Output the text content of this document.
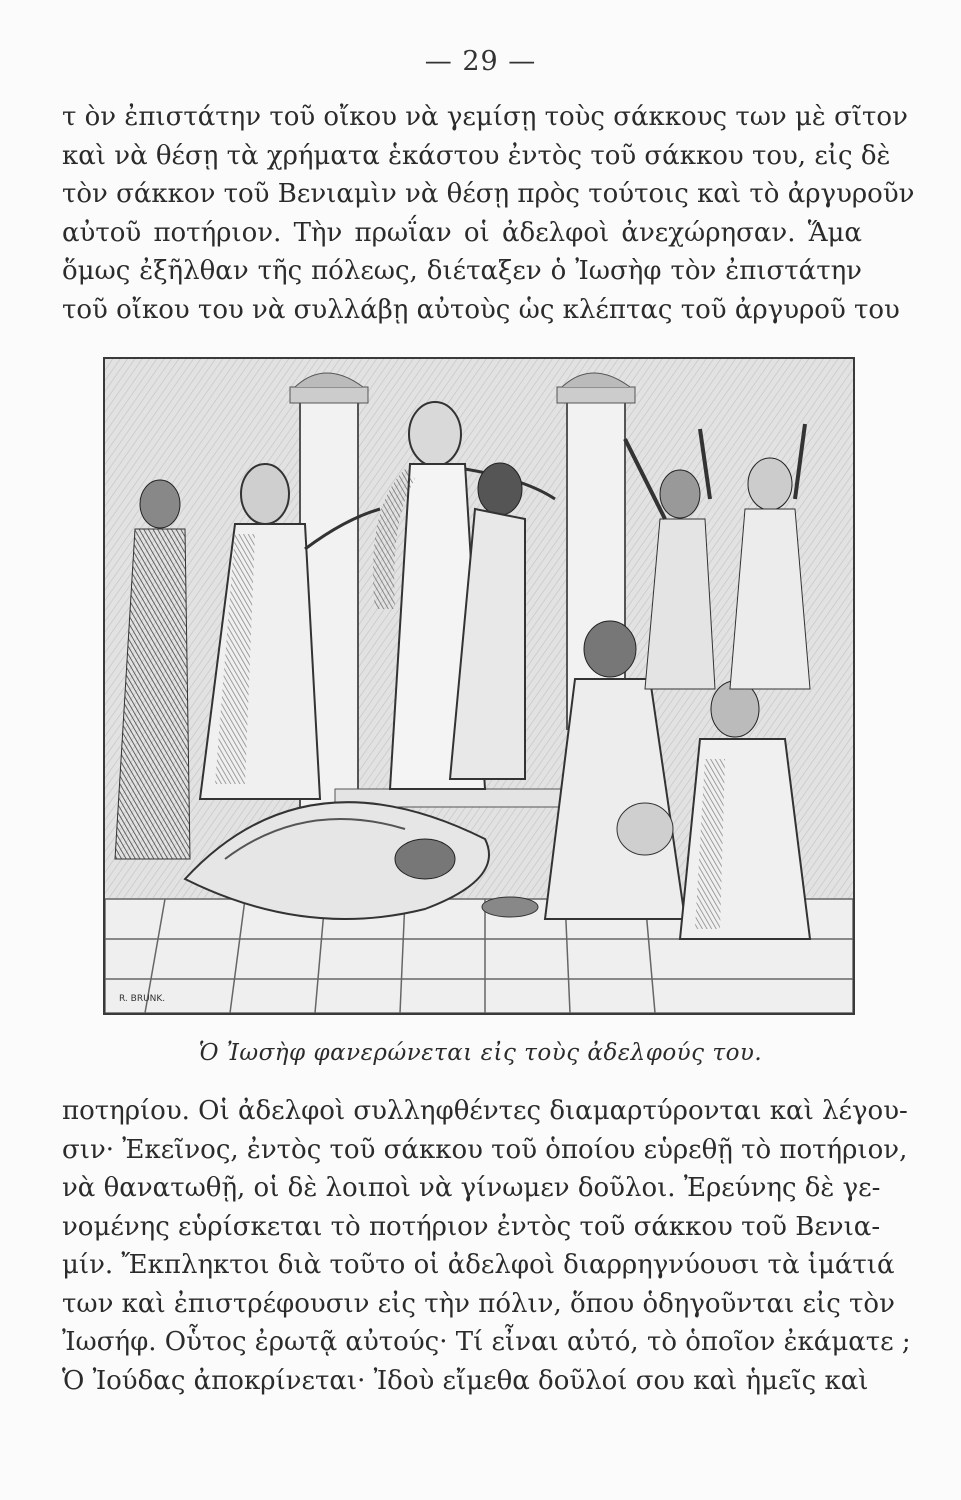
— 29 —
τ ὸν ἐπιστάτην τοῦ οἴκου νὰ γεμίσῃ τοὺς σάκκους των μὲ σῖτον
καὶ νὰ θέσῃ τὰ χρήματα ἑκάστου ἐντὸς τοῦ σάκκου του, εἰς δὲ
τὸν σάκκον τοῦ Βενιαμὶν νὰ θέσῃ πρὸς τούτοις καὶ τὸ ἀργυροῦν
αὐτοῦ ποτήριον. Τὴν πρωΐαν οἱ ἀδελφοὶ ἀνεχώρησαν. Ἅμα
ὅμως ἐξῆλθαν τῆς πόλεως, διέταξεν ὁ Ἰωσὴφ τὸν ἐπιστάτην
τοῦ οἴκου του νὰ συλλάβῃ αὐτοὺς ὡς κλέπτας τοῦ ἀργυροῦ του
R. BRUNK.
Ὁ Ἰωσὴφ φανερώνεται εἰς τοὺς ἀδελφούς του.
ποτηρίου. Οἱ ἀδελφοὶ συλληφθέντες διαμαρτύρονται καὶ λέγου-
σιν· Ἐκεῖνος, ἐντὸς τοῦ σάκκου τοῦ ὁποίου εὑρεθῇ τὸ ποτήριον,
νὰ θανατωθῇ, οἱ δὲ λοιποὶ νὰ γίνωμεν δοῦλοι. Ἐρεύνης δὲ γε-
νομένης εὑρίσκεται τὸ ποτήριον ἐντὸς τοῦ σάκκου τοῦ Βενια-
μίν. Ἔκπληκτοι διὰ τοῦτο οἱ ἀδελφοὶ διαρρηγνύουσι τὰ ἱμάτιά
των καὶ ἐπιστρέφουσιν εἰς τὴν πόλιν, ὅπου ὁδηγοῦνται εἰς τὸν
Ἰωσήφ. Οὗτος ἐρωτᾷ αὐτούς· Τί εἶναι αὐτό, τὸ ὁποῖον ἐκάματε ;
Ὁ Ἰούδας ἀποκρίνεται· Ἰδοὺ εἴμεθα δοῦλοί σου καὶ ἡμεῖς καὶ
